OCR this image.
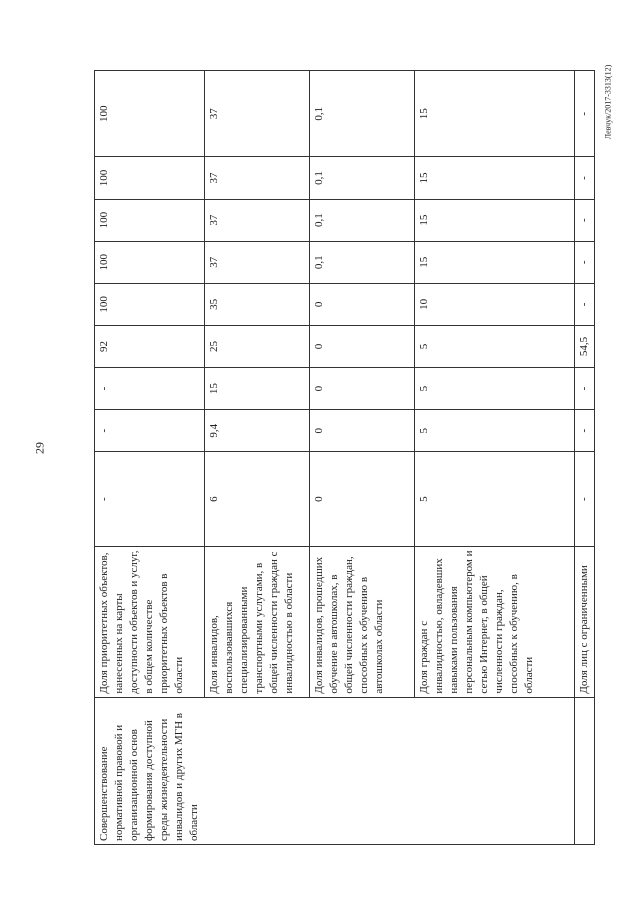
29
Левчук/2017-3313(12)
Совершенствование нормативной правовой и организационной основ формирования доступной среды жизнедеятельности инвалидов и других МГН в области	Доля приоритетных объектов, нанесенных на карты доступности объектов и услуг, в общем количестве приоритетных объектов в области	-	-	-	92	100	100	100	100	100
	Доля инвалидов, воспользовавшихся специализированными транспортными услугами, в общей численности граждан с инвалидностью в области	6	9,4	15	25	35	37	37	37	37
	Доля инвалидов, прошедших обучение в автошколах, в общей численности граждан, способных к обучению в автошколах области	0	0	0	0	0	0,1	0,1	0,1	0,1
	Доля граждан с инвалидностью, овладевших навыками пользования персональным компьютером и сетью Интернет, в общей численности граждан, способных к обучению, в области	5	5	5	5	10	15	15	15	15
	Доля лиц с ограниченными	-	-	-	54,5	-	-	-	-	-
